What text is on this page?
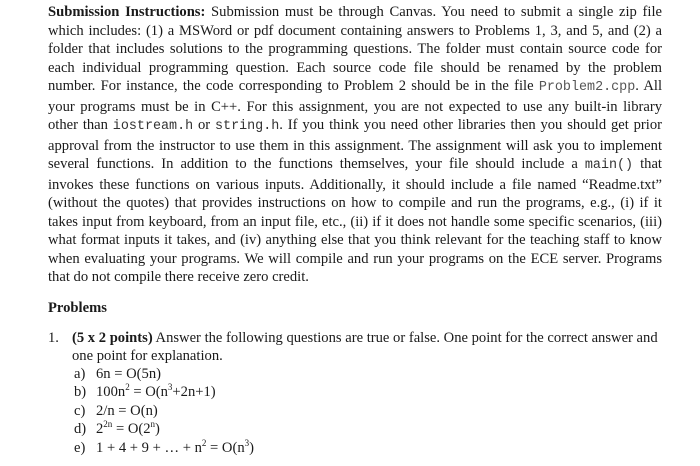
Submission Instructions: Submission must be through Canvas. You need to submit a single zip file which includes: (1) a MSWord or pdf document containing answers to Problems 1, 3, and 5, and (2) a folder that includes solutions to the programming questions. The folder must contain source code for each individual programming question. Each source code file should be renamed by the problem number. For instance, the code corresponding to Problem 2 should be in the file Problem2.cpp. All your programs must be in C++. For this assignment, you are not expected to use any built-in library other than iostream.h or string.h. If you think you need other libraries then you should get prior approval from the instructor to use them in this assignment. The assignment will ask you to implement several functions. In addition to the functions themselves, your file should include a main() that invokes these functions on various inputs. Additionally, it should include a file named “Readme.txt” (without the quotes) that provides instructions on how to compile and run the programs, e.g., (i) if it takes input from keyboard, from an input file, etc., (ii) if it does not handle some specific scenarios, (iii) what format inputs it takes, and (iv) anything else that you think relevant for the teaching staff to know when evaluating your programs. We will compile and run your programs on the ECE server. Programs that do not compile there receive zero credit.

Problems
1. (5 x 2 points) Answer the following questions are true or false. One point for the correct answer and one point for explanation.
a) 6n = O(5n)
b) $100n^2 = O(n^3+2n+1)$
c) 2/n = O(n)
d) $2^{2n} = O(2^n)$
e) 1 + 4 + 9 + … + $n^2 = O(n^3)$
